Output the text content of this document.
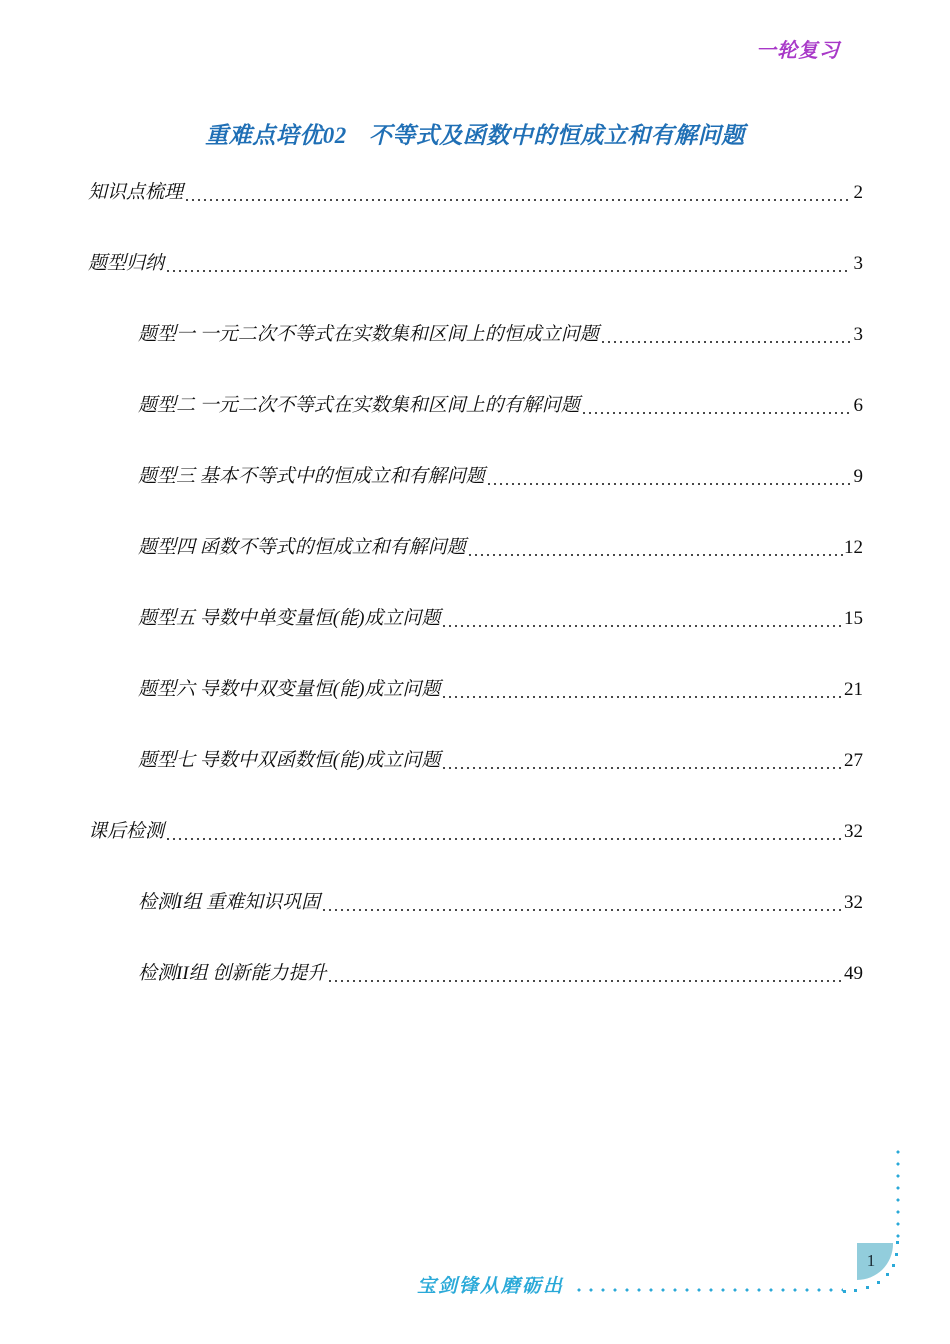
一轮复习
重难点培优02 不等式及函数中的恒成立和有解问题
知识点梳理	2
题型归纳	3
题型一 一元二次不等式在实数集和区间上的恒成立问题	3
题型二 一元二次不等式在实数集和区间上的有解问题	6
题型三 基本不等式中的恒成立和有解问题	9
题型四 函数不等式的恒成立和有解问题	12
题型五 导数中单变量恒(能)成立问题	15
题型六 导数中双变量恒(能)成立问题	21
题型七 导数中双函数恒(能)成立问题	27
课后检测	32
检测I组 重难知识巩固	32
检测II组 创新能力提升	49
1
宝剑锋从磨砺出
